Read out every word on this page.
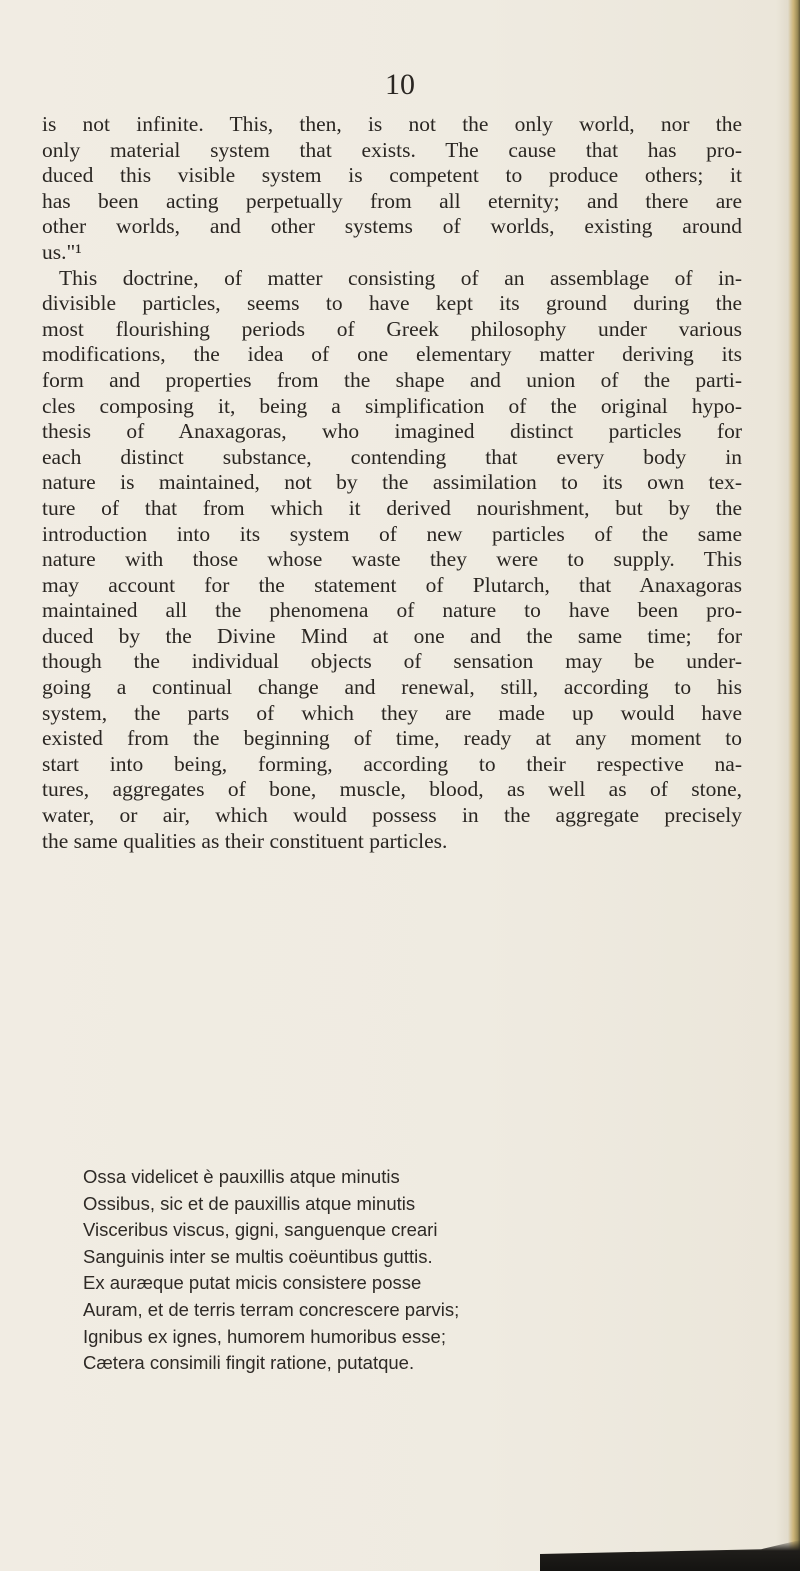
10
is not infinite. This, then, is not the only world, nor the
only material system that exists. The cause that has pro-
duced this visible system is competent to produce others; it
has been acting perpetually from all eternity; and there are
other worlds, and other systems of worlds, existing around
us."¹
This doctrine, of matter consisting of an assemblage of in-
divisible particles, seems to have kept its ground during the
most flourishing periods of Greek philosophy under various
modifications, the idea of one elementary matter deriving its
form and properties from the shape and union of the parti-
cles composing it, being a simplification of the original hypo-
thesis of Anaxagoras, who imagined distinct particles for
each distinct substance, contending that every body in
nature is maintained, not by the assimilation to its own tex-
ture of that from which it derived nourishment, but by the
introduction into its system of new particles of the same
nature with those whose waste they were to supply. This
may account for the statement of Plutarch, that Anaxagoras
maintained all the phenomena of nature to have been pro-
duced by the Divine Mind at one and the same time; for
though the individual objects of sensation may be under-
going a continual change and renewal, still, according to his
system, the parts of which they are made up would have
existed from the beginning of time, ready at any moment to
start into being, forming, according to their respective na-
tures, aggregates of bone, muscle, blood, as well as of stone,
water, or air, which would possess in the aggregate precisely
the same qualities as their constituent particles.
Ossa videlicet è pauxillis atque minutis
Ossibus, sic et de pauxillis atque minutis
Visceribus viscus, gigni, sanguenque creari
Sanguinis inter se multis coëuntibus guttis.
Ex auræque putat micis consistere posse
Auram, et de terris terram concrescere parvis;
Ignibus ex ignes, humorem humoribus esse;
Cætera consimili fingit ratione, putatque.
